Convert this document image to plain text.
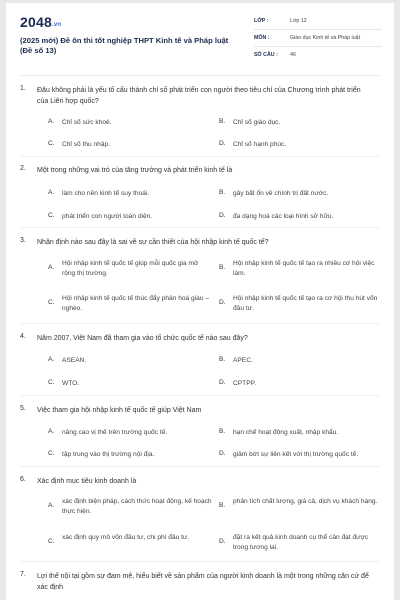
2048.vn
(2025 mới) Đề ôn thi tốt nghiệp THPT Kinh tế và Pháp luật (Đề số 13)
LỚP :	Lớp 12
MÔN :	Giáo dục Kinh tế và Pháp luật
SỐ CÂU : 46
1. Đâu không phải là yếu tố cấu thành chỉ số phát triển con người theo tiêu chí của Chương trình phát triển của Liên hợp quốc?
A. Chỉ số sức khoẻ.	B. Chỉ số giáo dục.
C. Chỉ số thu nhập.	D. Chỉ số hạnh phúc.
2. Một trong những vai trò của tăng trưởng và phát triển kinh tế là
A. làm cho nền kinh tế suy thoái.	B. gây bất ổn về chính trị đất nước.
C. phát triển con người toàn diện.	D. đa dạng hoá các loại hình sở hữu.
3. Nhận định nào sau đây là sai về sự cần thiết của hội nhập kinh tế quốc tế?
A.
Hội nhập kinh tế quốc tế giúp mỗi quốc gia mở rộng thị trường.
B.
Hội nhập kinh tế quốc tế tạo ra nhiều cơ hội việc làm.
C.
Hội nhập kinh tế quốc tế thúc đẩy phân hoá giàu – nghèo.
D.
Hội nhập kinh tế quốc tế tạo ra cơ hội thu hút vốn đầu tư.
4. Năm 2007, Việt Nam đã tham gia vào tổ chức quốc tế nào sau đây?
A. ASEAN.	B. APEC.
C. WTO.	D. CPTPP.
5. Việc tham gia hội nhập kinh tế quốc tế giúp Việt Nam
A. nâng cao vị thế trên trường quốc tế.	B. hạn chế hoạt động xuất, nhập khẩu.
C. tập trung vào thị trường nội địa.	D. giảm bớt sự liên kết với thị trường quốc tế.
6. Xác định mục tiêu kinh doanh là
A.
xác định biện pháp, cách thức hoạt động, kế hoạch thực hiện.
B.
phân tích chất lượng, giá cả, dịch vụ khách hàng.
C.
xác định quy mô vốn đầu tư, chi phí đầu tư.
D.
đặt ra kết quả kinh doanh cụ thể cần đạt được trong tương lai.
7. Lợi thế nội tại gồm sự đam mê, hiểu biết về sản phẩm của người kinh doanh là một trong những căn cứ để xác định
